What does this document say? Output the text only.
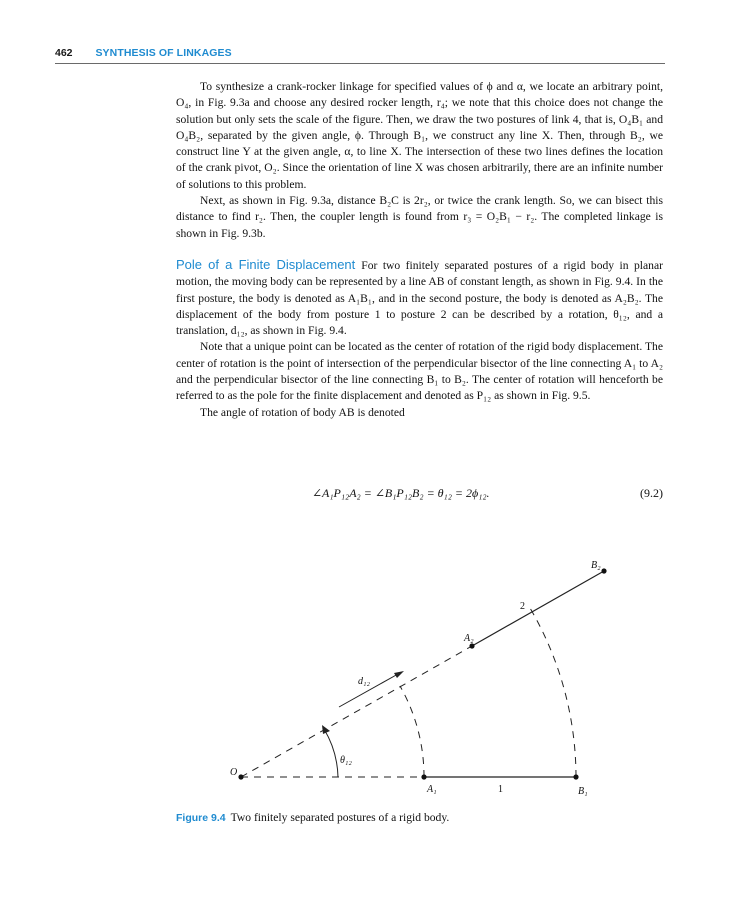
462 SYNTHESIS OF LINKAGES

To synthesize a crank-rocker linkage for specified values of ϕ and α, we locate an arbitrary point, O₄, in Fig. 9.3a and choose any desired rocker length, r₄; we note that this choice does not change the solution but only sets the scale of the figure. Then, we draw the two postures of link 4, that is, O₄B₁ and O₄B₂, separated by the given angle, ϕ. Through B₁, we construct any line X. Then, through B₂, we construct line Y at the given angle, α, to line X. The intersection of these two lines defines the location of the crank pivot, O₂. Since the orientation of line X was chosen arbitrarily, there are an infinite number of solutions to this problem.

Next, as shown in Fig. 9.3a, distance B₂C is 2r₂, or twice the crank length. So, we can bisect this distance to find r₂. Then, the coupler length is found from r₃ = O₂B₁ − r₂. The completed linkage is shown in Fig. 9.3b.

Pole of a Finite Displacement For two finitely separated postures of a rigid body in planar motion, the moving body can be represented by a line AB of constant length, as shown in Fig. 9.4. In the first posture, the body is denoted as A₁B₁, and in the second posture, the body is denoted as A₂B₂. The displacement of the body from posture 1 to posture 2 can be described by a rotation, θ₁₂, and a translation, d₁₂, as shown in Fig. 9.4.

Note that a unique point can be located as the center of rotation of the rigid body displacement. The center of rotation is the point of intersection of the perpendicular bisector of the line connecting A₁ to A₂ and the perpendicular bisector of the line connecting B₁ to B₂. The center of rotation will henceforth be referred to as the pole for the finite displacement and denoted as P₁₂ as shown in Fig. 9.5.

The angle of rotation of body AB is denoted

∠A₁P₁₂A₂ = ∠B₁P₁₂B₂ = θ₁₂ = 2ϕ₁₂.	(9.2)
O
A₁	B₁
A₂
B₂
d₁₂
θ₁₂
1
2
Figure 9.4 Two finitely separated postures of a rigid body.
